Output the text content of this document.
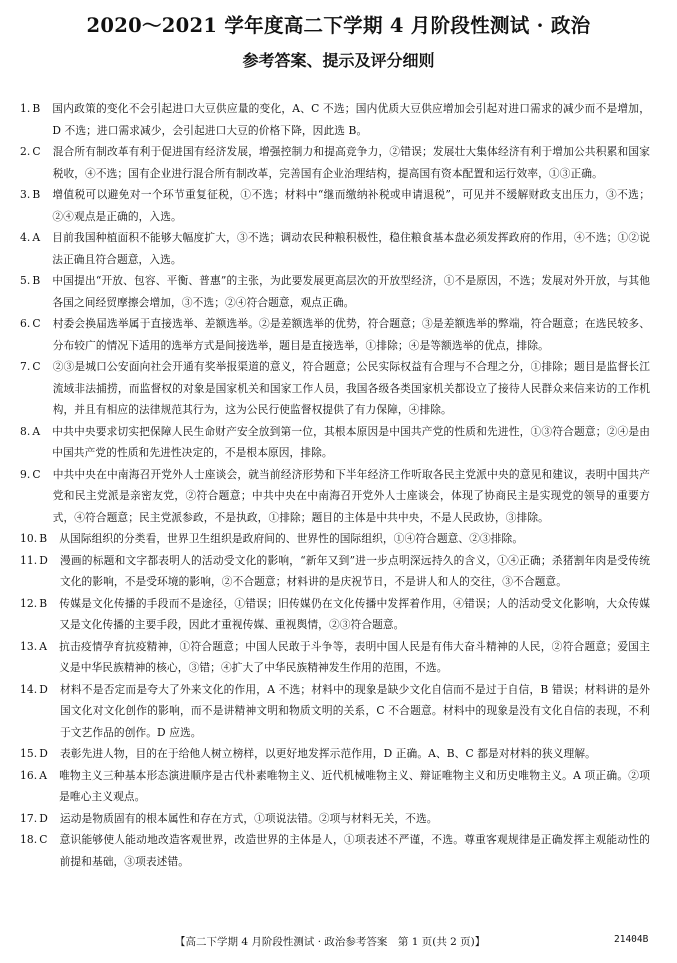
2020～2021 学年度高二下学期 4 月阶段性测试 · 政治
参考答案、提示及评分细则
1. B	国内政策的变化不会引起进口大豆供应量的变化，A、C 不选；国内优质大豆供应增加会引起对进口需求的减少而不是增加，D 不选；进口需求减少，会引起进口大豆的价格下降，因此选 B。
2. C	混合所有制改革有利于促进国有经济发展，增强控制力和提高竞争力，②错误；发展壮大集体经济有利于增加公共积累和国家税收，④不选；国有企业进行混合所有制改革，完善国有企业治理结构，提高国有资本配置和运行效率，①③正确。
3. B	增值税可以避免对一个环节重复征税，①不选；材料中“继而缴纳补税或申请退税”，可见并不缓解财政支出压力，③不选；②④观点是正确的，入选。
4. A	目前我国种植面积不能够大幅度扩大，③不选；调动农民种粮积极性，稳住粮食基本盘必须发挥政府的作用，④不选；①②说法正确且符合题意，入选。
5. B	中国提出“开放、包容、平衡、普惠”的主张，为此要发展更高层次的开放型经济，①不是原因，不选；发展对外开放，与其他各国之间经贸摩擦会增加，③不选；②④符合题意，观点正确。
6. C	村委会换届选举属于直接选举、差额选举。②是差额选举的优势，符合题意；③是差额选举的弊端，符合题意；在选民较多、分布较广的情况下适用的选举方式是间接选举，题目是直接选举，①排除；④是等额选举的优点，排除。
7. C	②③是城口公安面向社会开通有奖举报渠道的意义，符合题意；公民实际权益有合理与不合理之分，①排除；题目是监督长江流域非法捕捞，而监督权的对象是国家机关和国家工作人员，我国各级各类国家机关都设立了接待人民群众来信来访的工作机构，并且有相应的法律规范其行为，这为公民行使监督权提供了有力保障，④排除。
8. A	中共中央要求切实把保障人民生命财产安全放到第一位，其根本原因是中国共产党的性质和先进性，①③符合题意；②④是由中国共产党的性质和先进性决定的，不是根本原因，排除。
9. C	中共中央在中南海召开党外人士座谈会，就当前经济形势和下半年经济工作听取各民主党派中央的意见和建议，表明中国共产党和民主党派是亲密友党，②符合题意；中共中央在中南海召开党外人士座谈会，体现了协商民主是实现党的领导的重要方式，④符合题意；民主党派参政，不是执政，①排除；题目的主体是中共中央，不是人民政协，③排除。
10. B	从国际组织的分类看，世界卫生组织是政府间的、世界性的国际组织，①④符合题意、②③排除。
11. D	漫画的标题和文字都表明人的活动受文化的影响，“新年又到”进一步点明深远持久的含义，①④正确；杀猪割年肉是受传统文化的影响，不是受环境的影响，②不合题意；材料讲的是庆祝节日，不是讲人和人的交往，③不合题意。
12. B	传媒是文化传播的手段而不是途径，①错误；旧传媒仍在文化传播中发挥着作用，④错误；人的活动受文化影响，大众传媒又是文化传播的主要手段，因此才重视传媒、重视舆情，②③符合题意。
13. A	抗击疫情孕育抗疫精神，①符合题意；中国人民敢于斗争等，表明中国人民是有伟大奋斗精神的人民，②符合题意；爱国主义是中华民族精神的核心，③错；④扩大了中华民族精神发生作用的范围，不选。
14. D	材料不是否定而是夸大了外来文化的作用，A 不选；材料中的现象是缺少文化自信而不是过于自信，B 错误；材料讲的是外国文化对文化创作的影响，而不是讲精神文明和物质文明的关系，C 不合题意。材料中的现象是没有文化自信的表现，不利于文艺作品的创作。D 应选。
15. D	表彰先进人物，目的在于给他人树立榜样，以更好地发挥示范作用，D 正确。A、B、C 都是对材料的狭义理解。
16. A	唯物主义三种基本形态演进顺序是古代朴素唯物主义、近代机械唯物主义、辩证唯物主义和历史唯物主义。A 项正确。②项是唯心主义观点。
17. D	运动是物质固有的根本属性和存在方式，①项说法错。②项与材料无关，不选。
18. C	意识能够使人能动地改造客观世界，改造世界的主体是人，①项表述不严谨，不选。尊重客观规律是正确发挥主观能动性的前提和基础，③项表述错。
【高二下学期 4 月阶段性测试 · 政治参考答案　第 1 页(共 2 页)】	21404B
